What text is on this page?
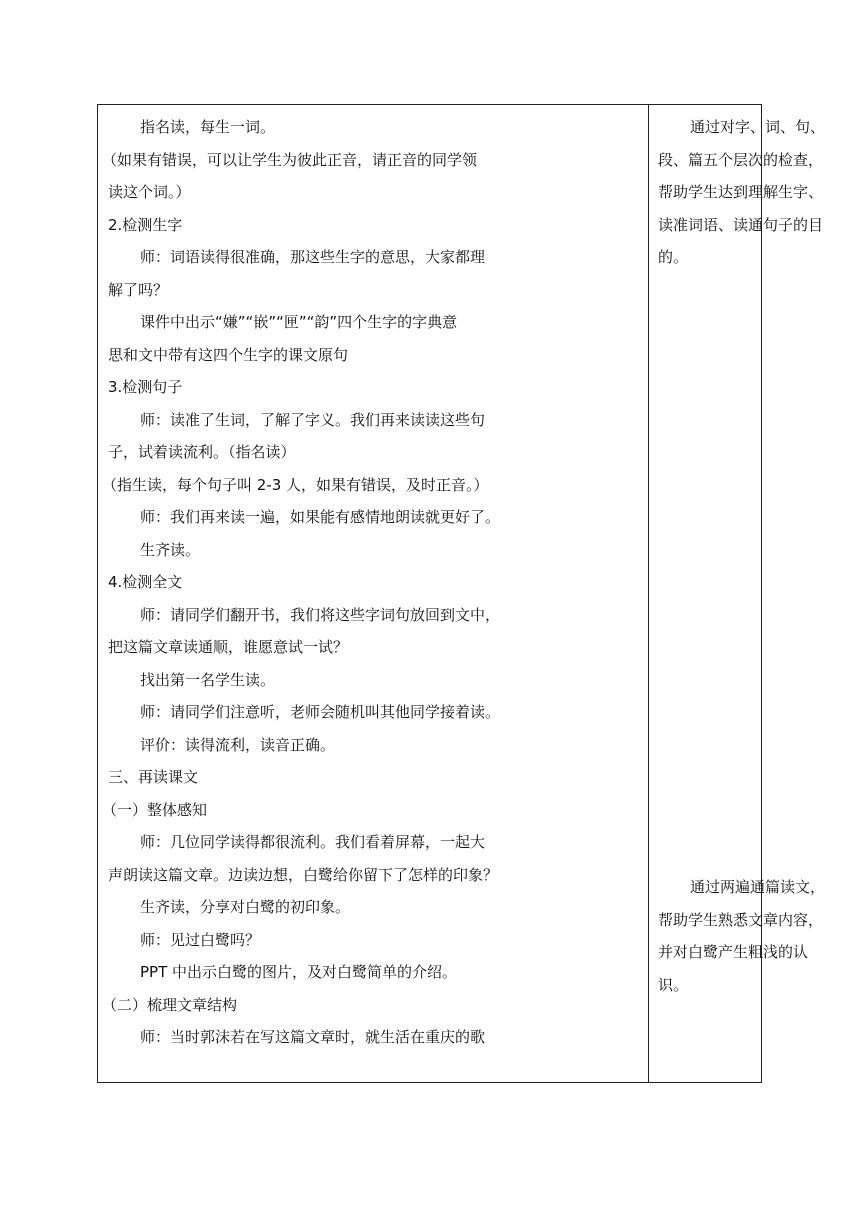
指名读，每生一词。
（如果有错误，可以让学生为彼此正音，请正音的同学领
读这个词。）
2.检测生字
师：词语读得很准确，那这些生字的意思，大家都理
解了吗？
课件中出示“嫌”“嵌”“匣”“韵”四个生字的字典意
思和文中带有这四个生字的课文原句
3.检测句子
师：读准了生词，了解了字义。我们再来读读这些句
子，试着读流利。（指名读）
（指生读，每个句子叫 2-3 人，如果有错误，及时正音。）
师：我们再来读一遍，如果能有感情地朗读就更好了。
生齐读。
4.检测全文
师：请同学们翻开书，我们将这些字词句放回到文中，
把这篇文章读通顺，谁愿意试一试？
找出第一名学生读。
师：请同学们注意听，老师会随机叫其他同学接着读。
评价：读得流利，读音正确。
三、再读课文
（一）整体感知
师：几位同学读得都很流利。我们看着屏幕，一起大
声朗读这篇文章。边读边想，白鹭给你留下了怎样的印象？
生齐读，分享对白鹭的初印象。
师：见过白鹭吗？
PPT 中出示白鹭的图片，及对白鹭简单的介绍。
（二）梳理文章结构
师：当时郭沫若在写这篇文章时，就生活在重庆的歌
通过对字、词、句、
段、篇五个层次的检查，
帮助学生达到理解生字、
读准词语、读通句子的目
的。
通过两遍通篇读文，
帮助学生熟悉文章内容，
并对白鹭产生粗浅的认
识。
